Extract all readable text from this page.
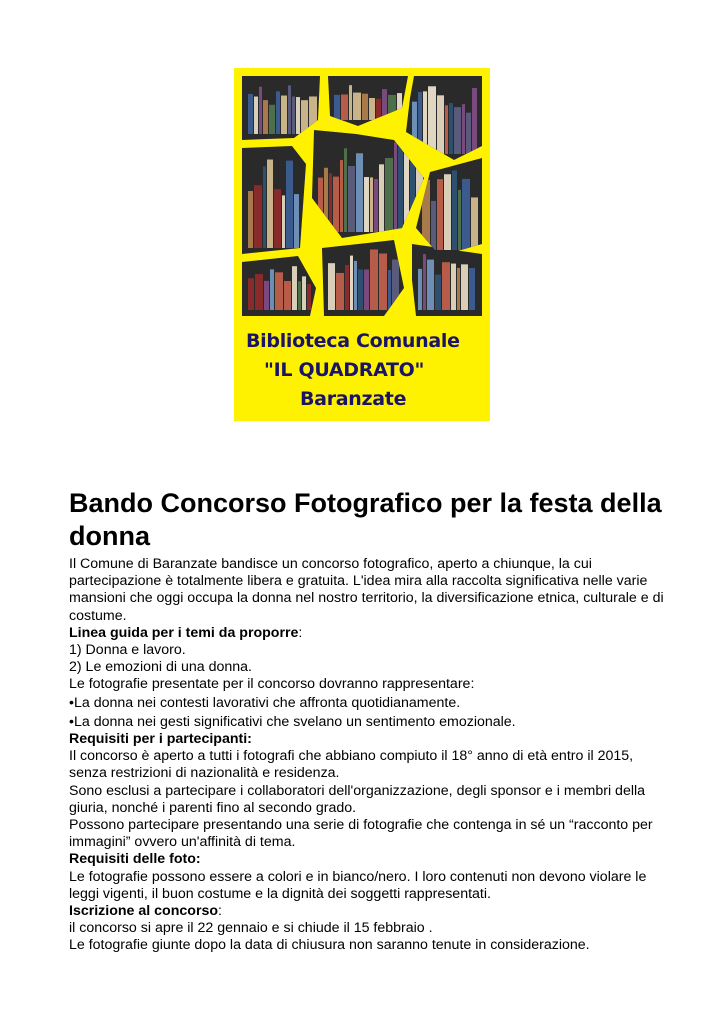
Biblioteca Comunale
"IL QUADRATO"
Baranzate
Bando Concorso Fotografico per la festa della donna

Il Comune di Baranzate bandisce un concorso fotografico, aperto a chiunque, la cui partecipazione è totalmente libera e gratuita. L'idea mira alla raccolta significativa nelle varie mansioni che oggi occupa la donna nel nostro territorio, la diversificazione etnica, culturale e di costume.

Linea guida per i temi da proporre:

1) Donna e lavoro.

2) Le emozioni di una donna.

Le fotografie presentate per il concorso dovranno rappresentare:

•La donna nei contesti lavorativi che affronta quotidianamente.

•La donna nei gesti significativi che svelano un sentimento emozionale.

Requisiti per i partecipanti:

Il concorso è aperto a tutti i fotografi che abbiano compiuto il 18° anno di età entro il 2015, senza restrizioni di nazionalità e residenza.

Sono esclusi a partecipare i collaboratori dell'organizzazione, degli sponsor e i membri della giuria, nonché i parenti fino al secondo grado.

Possono partecipare presentando una serie di fotografie che contenga in sé un “racconto per immagini” ovvero un'affinità di tema.

Requisiti delle foto:

Le fotografie possono essere a colori e in bianco/nero. I loro contenuti non devono violare le leggi vigenti, il buon costume e la dignità dei soggetti rappresentati.

Iscrizione al concorso:

il concorso si apre il 22 gennaio e si chiude il 15 febbraio .

Le fotografie giunte dopo la data di chiusura non saranno tenute in considerazione.
